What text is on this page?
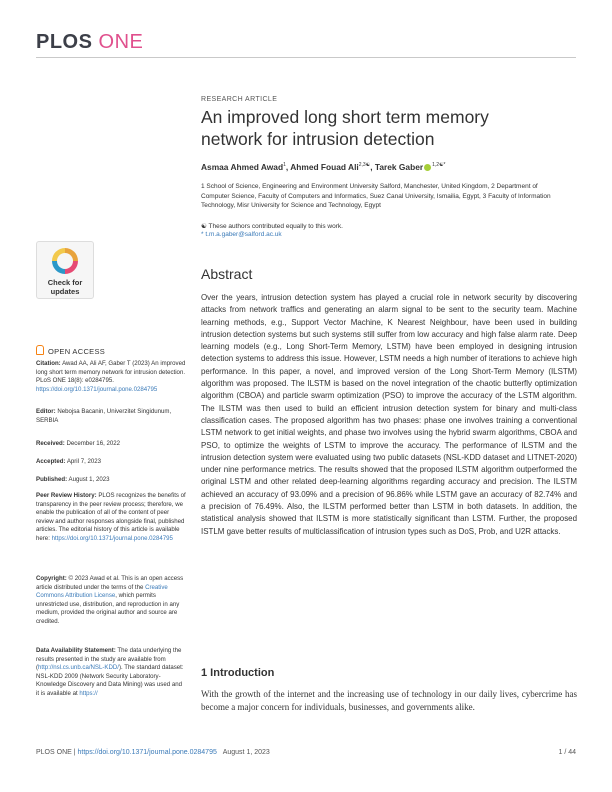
PLOS ONE
RESEARCH ARTICLE
An improved long short term memory network for intrusion detection
Asmaa Ahmed Awad$^1$, Ahmed Fouad Ali$^{2,3☯}$, Tarek Gaber $^{1,2☯*}$
1 School of Science, Engineering and Environment University Salford, Manchester, United Kingdom, 2 Department of Computer Science, Faculty of Computers and Informatics, Suez Canal University, Ismailia, Egypt, 3 Faculty of Information Technology, Misr University for Science and Technology, Egypt
☯ These authors contributed equally to this work.
* t.m.a.gaber@salford.ac.uk
Check for
updates
OPEN ACCESS
Citation: Awad AA, Ali AF, Gaber T (2023) An improved long short term memory network for intrusion detection. PLoS ONE 18(8): e0284795. https://doi.org/10.1371/journal.pone.0284795
Editor: Nebojsa Bacanin, Univerzitet Singidunum, SERBIA
Received: December 16, 2022
Accepted: April 7, 2023
Published: August 1, 2023
Peer Review History: PLOS recognizes the benefits of transparency in the peer review process; therefore, we enable the publication of all of the content of peer review and author responses alongside final, published articles. The editorial history of this article is available here: https://doi.org/10.1371/journal.pone.0284795
Copyright: © 2023 Awad et al. This is an open access article distributed under the terms of the Creative Commons Attribution License, which permits unrestricted use, distribution, and reproduction in any medium, provided the original author and source are credited.
Data Availability Statement: The data underlying the results presented in the study are available from (http://nsl.cs.unb.ca/NSL-KDD/). The standard dataset: NSL-KDD 2009 (Network Security Laboratory-Knowledge Discovery and Data Mining) was used and it is available at https://
Abstract
Over the years, intrusion detection system has played a crucial role in network security by discovering attacks from network traffics and generating an alarm signal to be sent to the security team. Machine learning methods, e.g., Support Vector Machine, K Nearest Neighbour, have been used in building intrusion detection systems but such systems still suffer from low accuracy and high false alarm rate. Deep learning models (e.g., Long Short-Term Memory, LSTM) have been employed in designing intrusion detection systems to address this issue. However, LSTM needs a high number of iterations to achieve high performance. In this paper, a novel, and improved version of the Long Short-Term Memory (ILSTM) algorithm was proposed. The ILSTM is based on the novel integration of the chaotic butterfly optimization algorithm (CBOA) and particle swarm optimization (PSO) to improve the accuracy of the LSTM algorithm. The ILSTM was then used to build an efficient intrusion detection system for binary and multi-class classification cases. The proposed algorithm has two phases: phase one involves training a conventional LSTM network to get initial weights, and phase two involves using the hybrid swarm algorithms, CBOA and PSO, to optimize the weights of LSTM to improve the accuracy. The performance of ILSTM and the intrusion detection system were evaluated using two public datasets (NSL-KDD dataset and LITNET-2020) under nine performance metrics. The results showed that the proposed ILSTM algorithm outperformed the original LSTM and other related deep-learning algorithms regarding accuracy and precision. The ILSTM achieved an accuracy of 93.09% and a precision of 96.86% while LSTM gave an accuracy of 82.74% and a precision of 76.49%. Also, the ILSTM performed better than LSTM in both datasets. In addition, the statistical analysis showed that ILSTM is more statistically significant than LSTM. Further, the proposed ISTLM gave better results of multiclassification of intrusion types such as DoS, Prob, and U2R attacks.
1 Introduction
With the growth of the internet and the increasing use of technology in our daily lives, cybercrime has become a major concern for individuals, businesses, and governments alike.
PLOS ONE | https://doi.org/10.1371/journal.pone.0284795 August 1, 2023	1 / 44
